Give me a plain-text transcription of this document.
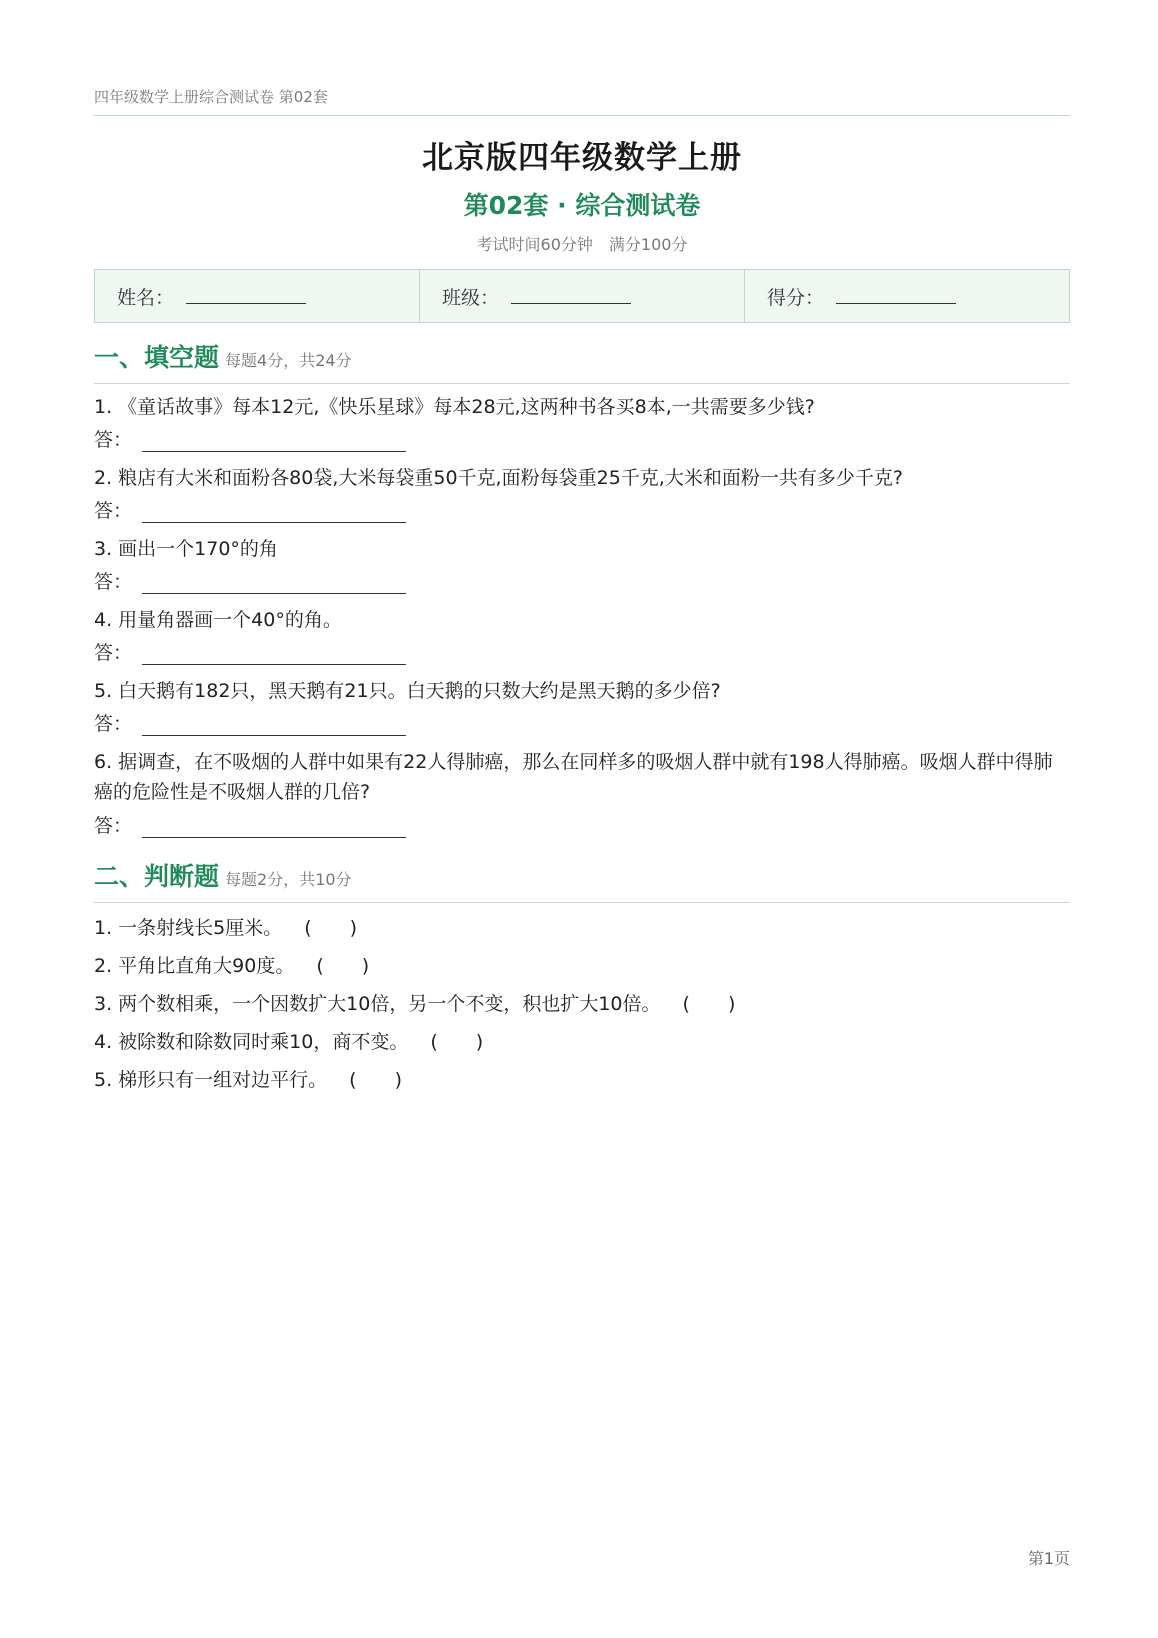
四年级数学上册综合测试卷 第02套
北京版四年级数学上册
第02套 · 综合测试卷
考试时间60分钟 满分100分
姓名：	班级：	得分：
一、填空题 每题4分，共24分
1. 《童话故事》每本12元,《快乐星球》每本28元,这两种书各买8本,一共需要多少钱?
答：
2. 粮店有大米和面粉各80袋,大米每袋重50千克,面粉每袋重25千克,大米和面粉一共有多少千克?
答：
3. 画出一个170°的角
答：
4. 用量角器画一个40°的角。
答：
5. 白天鹅有182只，黑天鹅有21只。白天鹅的只数大约是黑天鹅的多少倍?
答：
6. 据调查，在不吸烟的人群中如果有22人得肺癌，那么在同样多的吸烟人群中就有198人得肺癌。吸烟人群中得肺癌的危险性是不吸烟人群的几倍?
答：
二、判断题 每题2分，共10分
1. 一条射线长5厘米。 (　　)
2. 平角比直角大90度。 (　　)
3. 两个数相乘，一个因数扩大10倍，另一个不变，积也扩大10倍。 (　　)
4. 被除数和除数同时乘10，商不变。 (　　)
5. 梯形只有一组对边平行。 (　　)
第1页
